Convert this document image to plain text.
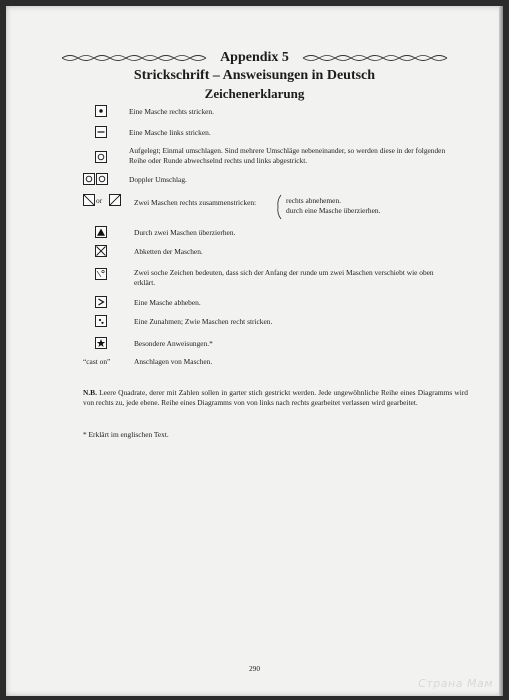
Appendix 5
Strickschrift – Answeisungen in Deutsch
Zeichenerklarung
Eine Masche rechts stricken.
Eine Masche links stricken.
Aufgelegt; Einmal umschlagen. Sind mehrere Umschläge nebeneinander, so werden diese in der folgenden
Reihe oder Runde abwechselnd rechts und links abgestrickt.
Doppler Umschlag.
or	Zwei Maschen rechts zusammenstricken:	rechts abnehemen.
durch eine Masche überzierhen.
Durch zwei Maschen überzierhen.
Abketten der Maschen.
Zwei soche Zeichen bedeuten, dass sich der Anfang der runde um zwei Maschen verschiebt wie oben
erklärt.
Eine Masche abheben.
Eine Zunahmen; Zwie Maschen recht stricken.
Besondere Anweisungen.*
“cast on”	Anschlagen von Maschen.
N.B. Leere Quadrate, derer mit Zahlen sollen in garter stich gestrickt werden. Jede ungewöhnliche Reihe eines Diagramms wird von rechts zu, jede ebene. Reihe eines Diagramms von von links nach rechts gearbeitet verlassen wird gearbeitet.
* Erklärt im englischen Text.
290
Страна Мам
